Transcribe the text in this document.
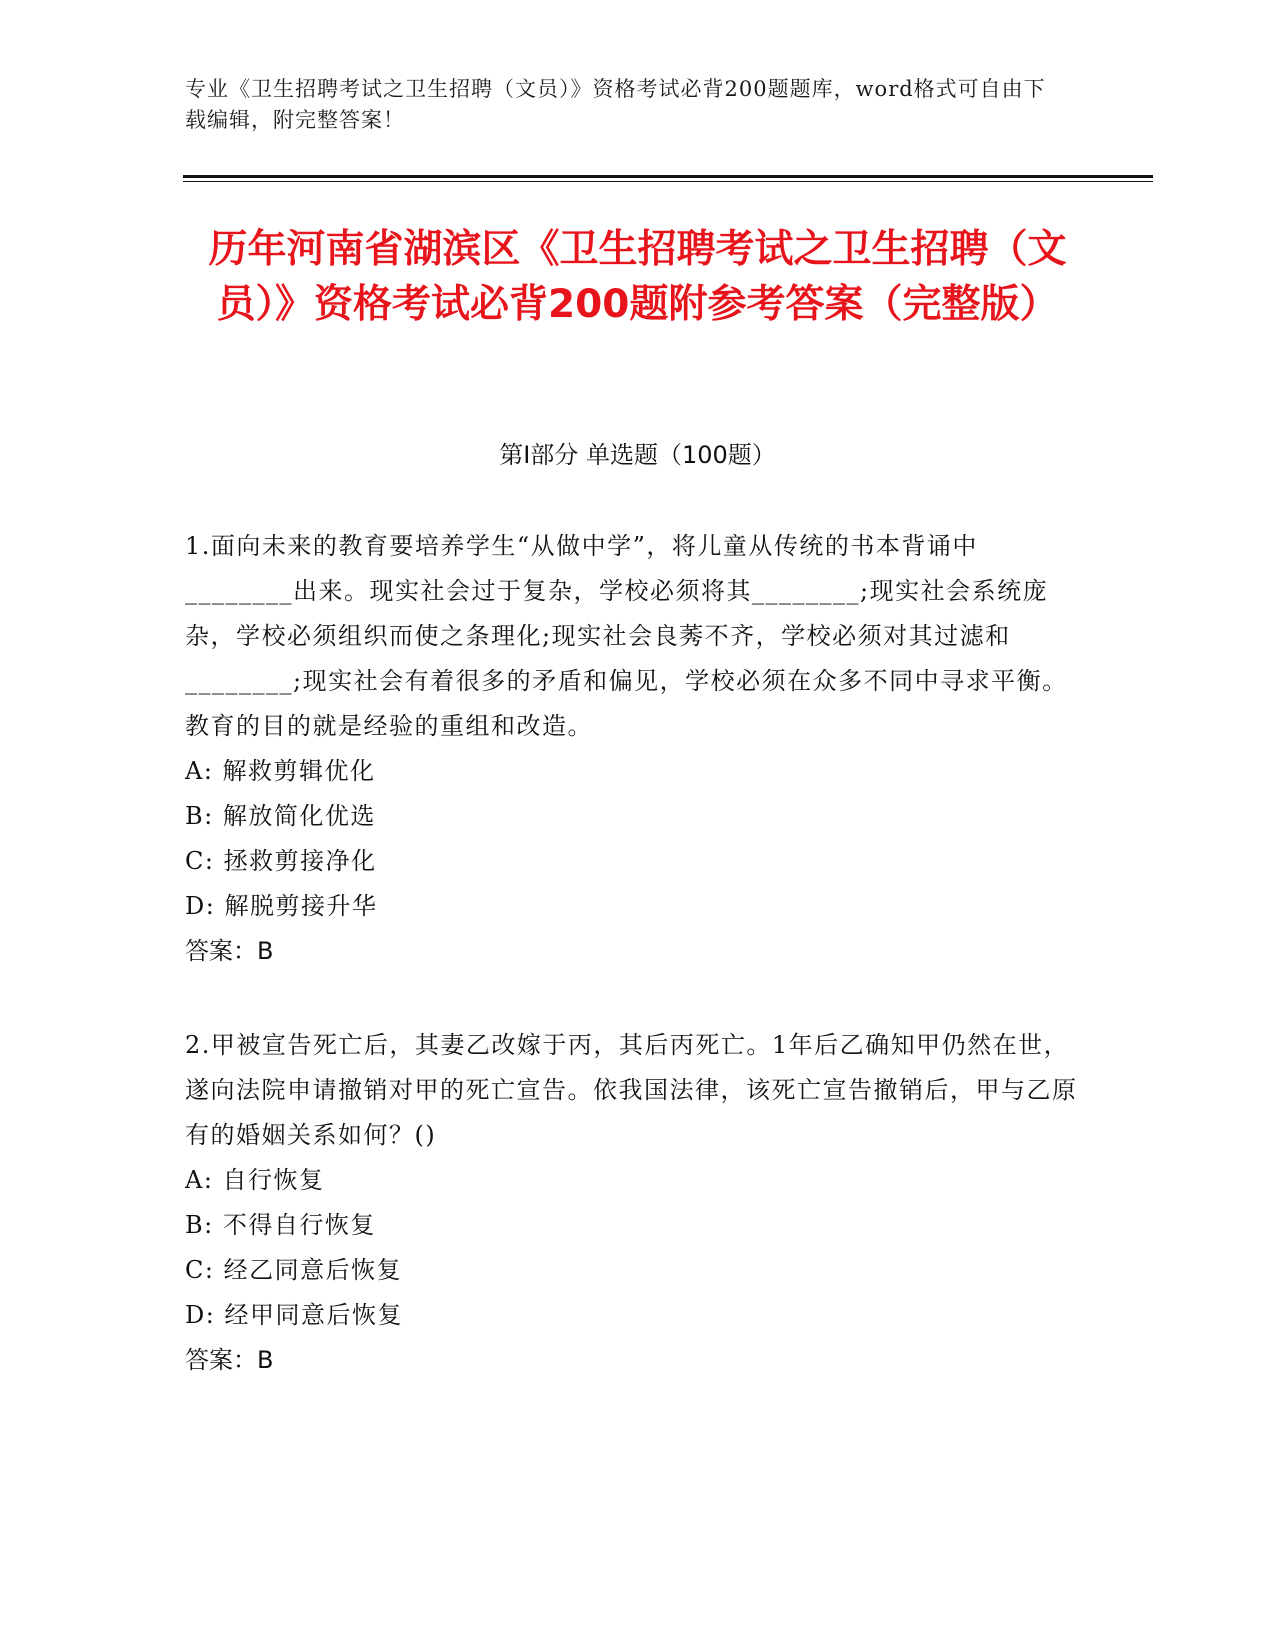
专业《卫生招聘考试之卫生招聘（文员）》资格考试必背200题题库，word格式可自由下载编辑，附完整答案！
历年河南省湖滨区《卫生招聘考试之卫生招聘（文员）》资格考试必背200题附参考答案（完整版）
第I部分 单选题（100题）

1.面向未来的教育要培养学生“从做中学”，将儿童从传统的书本背诵中________出来。现实社会过于复杂，学校必须将其________;现实社会系统庞杂，学校必须组织而使之条理化;现实社会良莠不齐，学校必须对其过滤和________;现实社会有着很多的矛盾和偏见，学校必须在众多不同中寻求平衡。教育的目的就是经验的重组和改造。

A: 解救剪辑优化

B: 解放简化优选

C: 拯救剪接净化

D: 解脱剪接升华

答案：B

2.甲被宣告死亡后，其妻乙改嫁于丙，其后丙死亡。1年后乙确知甲仍然在世，遂向法院申请撤销对甲的死亡宣告。依我国法律，该死亡宣告撤销后，甲与乙原有的婚姻关系如何？()

A: 自行恢复

B: 不得自行恢复

C: 经乙同意后恢复

D: 经甲同意后恢复

答案：B
